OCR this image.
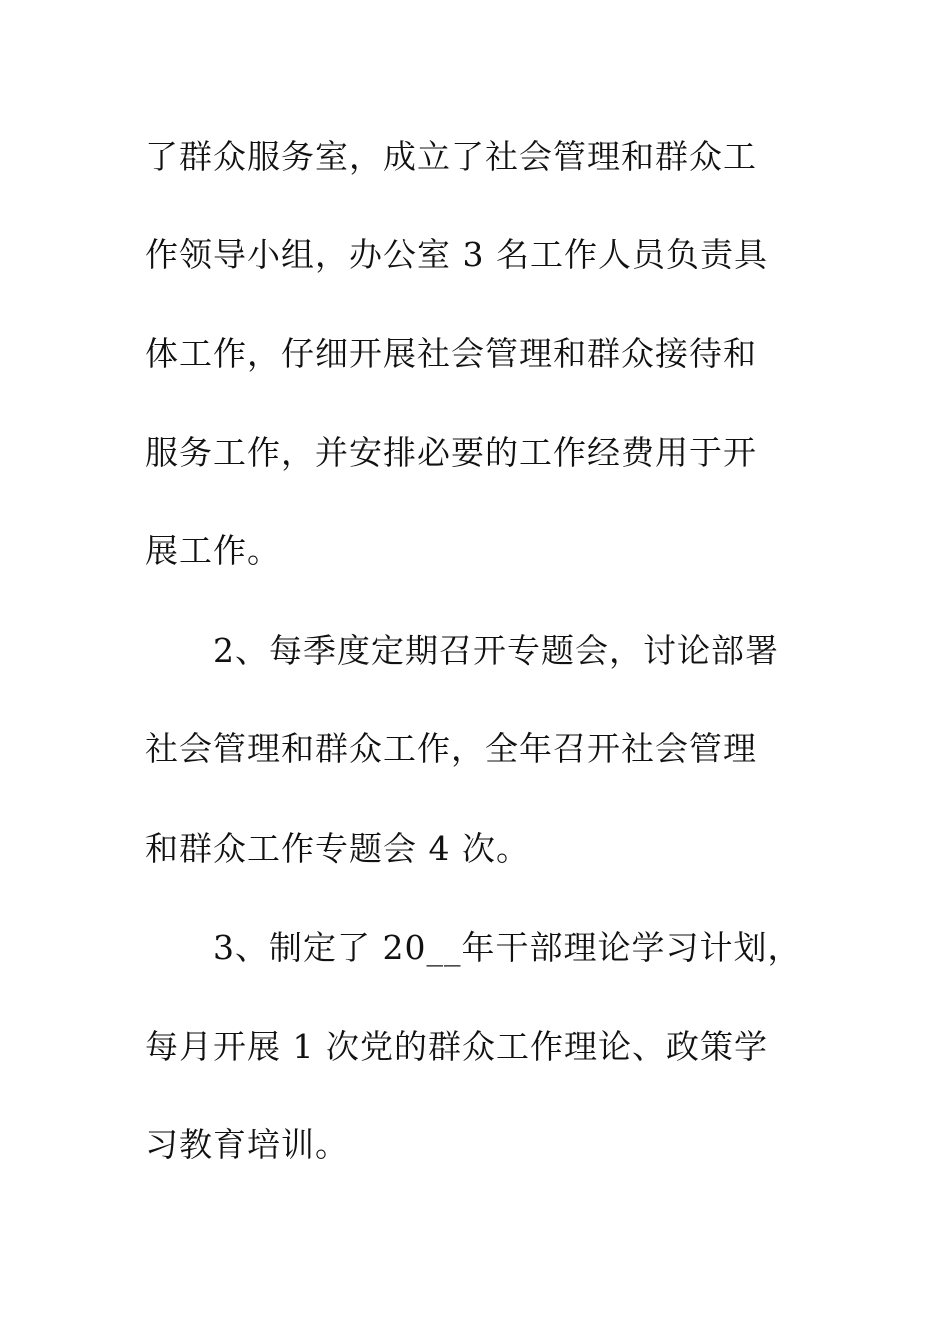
了群众服务室，成立了社会管理和群众工
作领导小组，办公室 3 名工作人员负责具
体工作，仔细开展社会管理和群众接待和
服务工作，并安排必要的工作经费用于开
展工作。
2、每季度定期召开专题会，讨论部署
社会管理和群众工作，全年召开社会管理
和群众工作专题会 4 次。
3、制定了 20__年干部理论学习计划，
每月开展 1 次党的群众工作理论、政策学
习教育培训。
